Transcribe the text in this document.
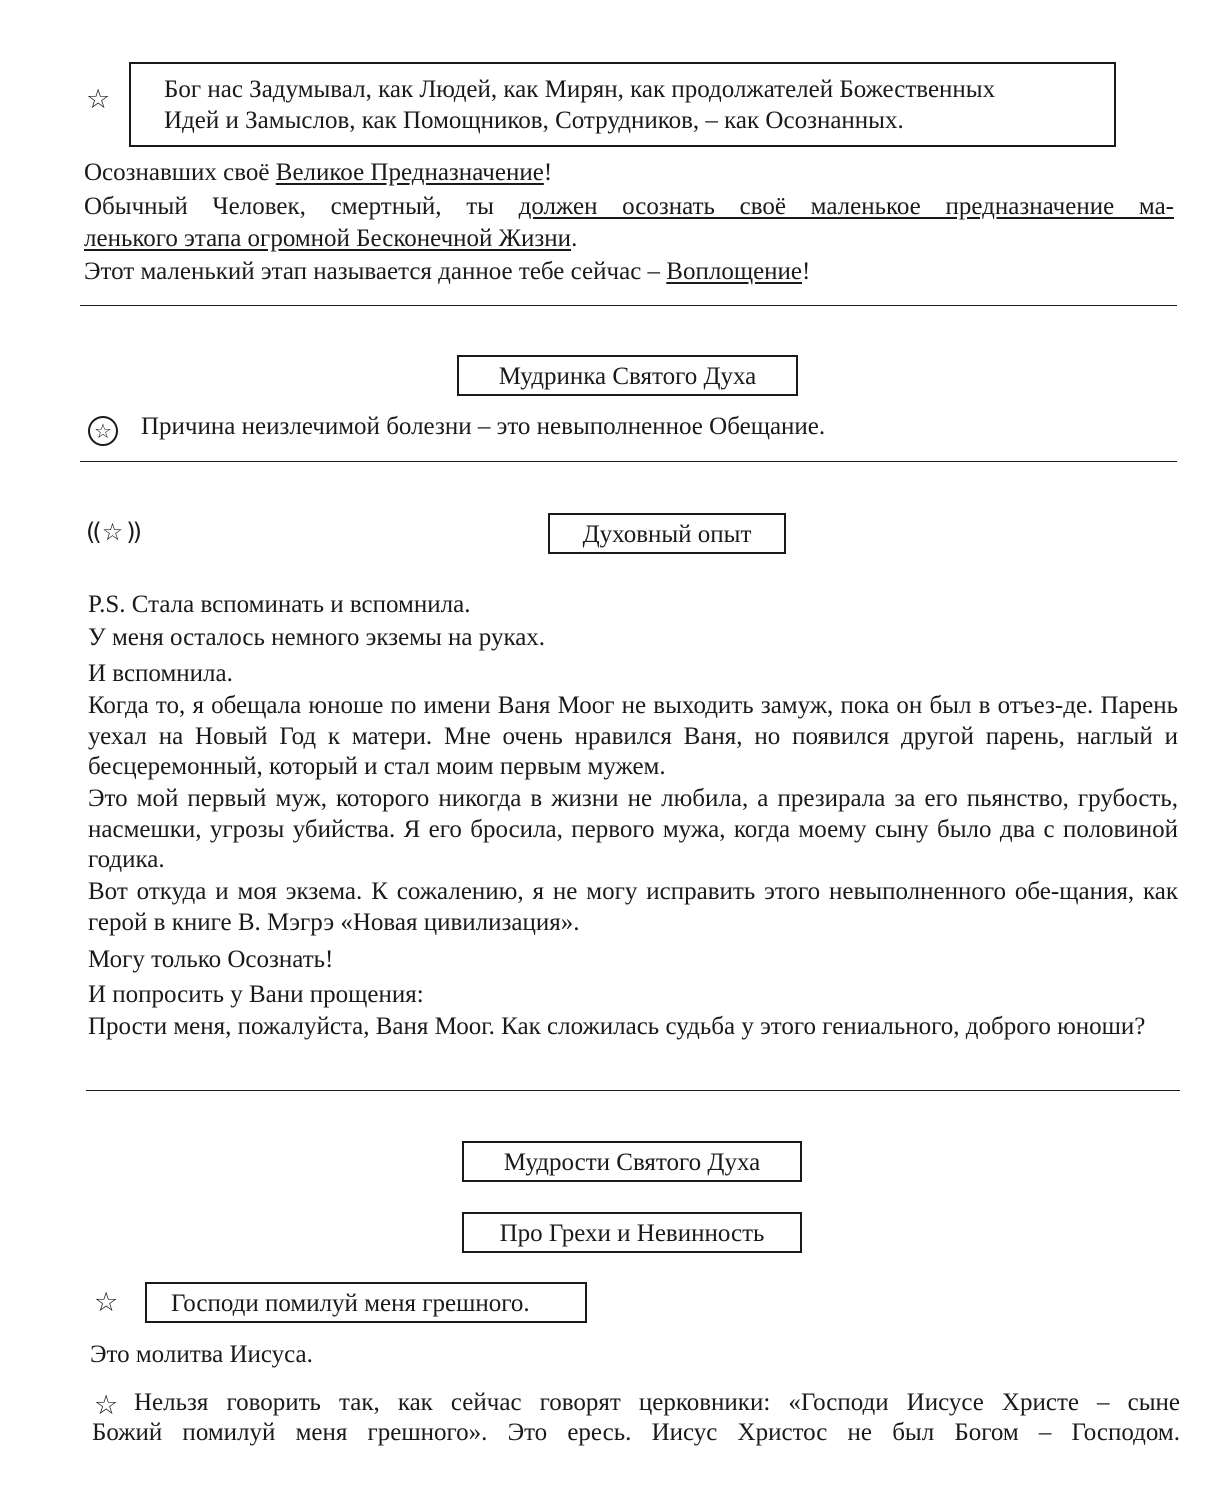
☆ Бог нас Задумывал, как Людей, как Мирян, как продолжателей Божественных
Идей и Замыслов, как Помощников, Сотрудников, – как Осознанных.
Осознавших своё Великое Предназначение!
Обычный Человек, смертный, ты должен осознать своё маленькое предназначение ма-
ленького этапа огромной Бесконечной Жизни.
Этот маленький этап называется данное тебе сейчас – Воплощение!
Мудринка Святого Духа
☆ Причина неизлечимой болезни – это невыполненное Обещание.
(( ☆ ))	Духовный опыт
P.S. Стала вспоминать и вспомнила.
У меня осталось немного экземы на руках.
И вспомнила.
Когда то, я обещала юноше по имени Ваня Моог не выходить замуж, пока он был в отъез-де. Парень уехал на Новый Год к матери. Мне очень нравился Ваня, но появился другой парень, наглый и бесцеремонный, который и стал моим первым мужем.
Это мой первый муж, которого никогда в жизни не любила, а презирала за его пьянство, грубость, насмешки, угрозы убийства. Я его бросила, первого мужа, когда моему сыну было два с половиной годика.
Вот откуда и моя экзема. К сожалению, я не могу исправить этого невыполненного обе-щания, как герой в книге В. Мэгрэ «Новая цивилизация».
Могу только Осознать!
И попросить у Вани прощения:
Прости меня, пожалуйста, Ваня Моог. Как сложилась судьба у этого гениального, доброго юноши?
Мудрости Святого Духа
Про Грехи и Невинность
☆	Господи помилуй меня грешного.
Это молитва Иисуса.
☆ Нельзя говорить так, как сейчас говорят церковники: «Господи Иисусе Христе – сыне
Божий помилуй меня грешного». Это ересь. Иисус Христос не был Богом – Господом.
